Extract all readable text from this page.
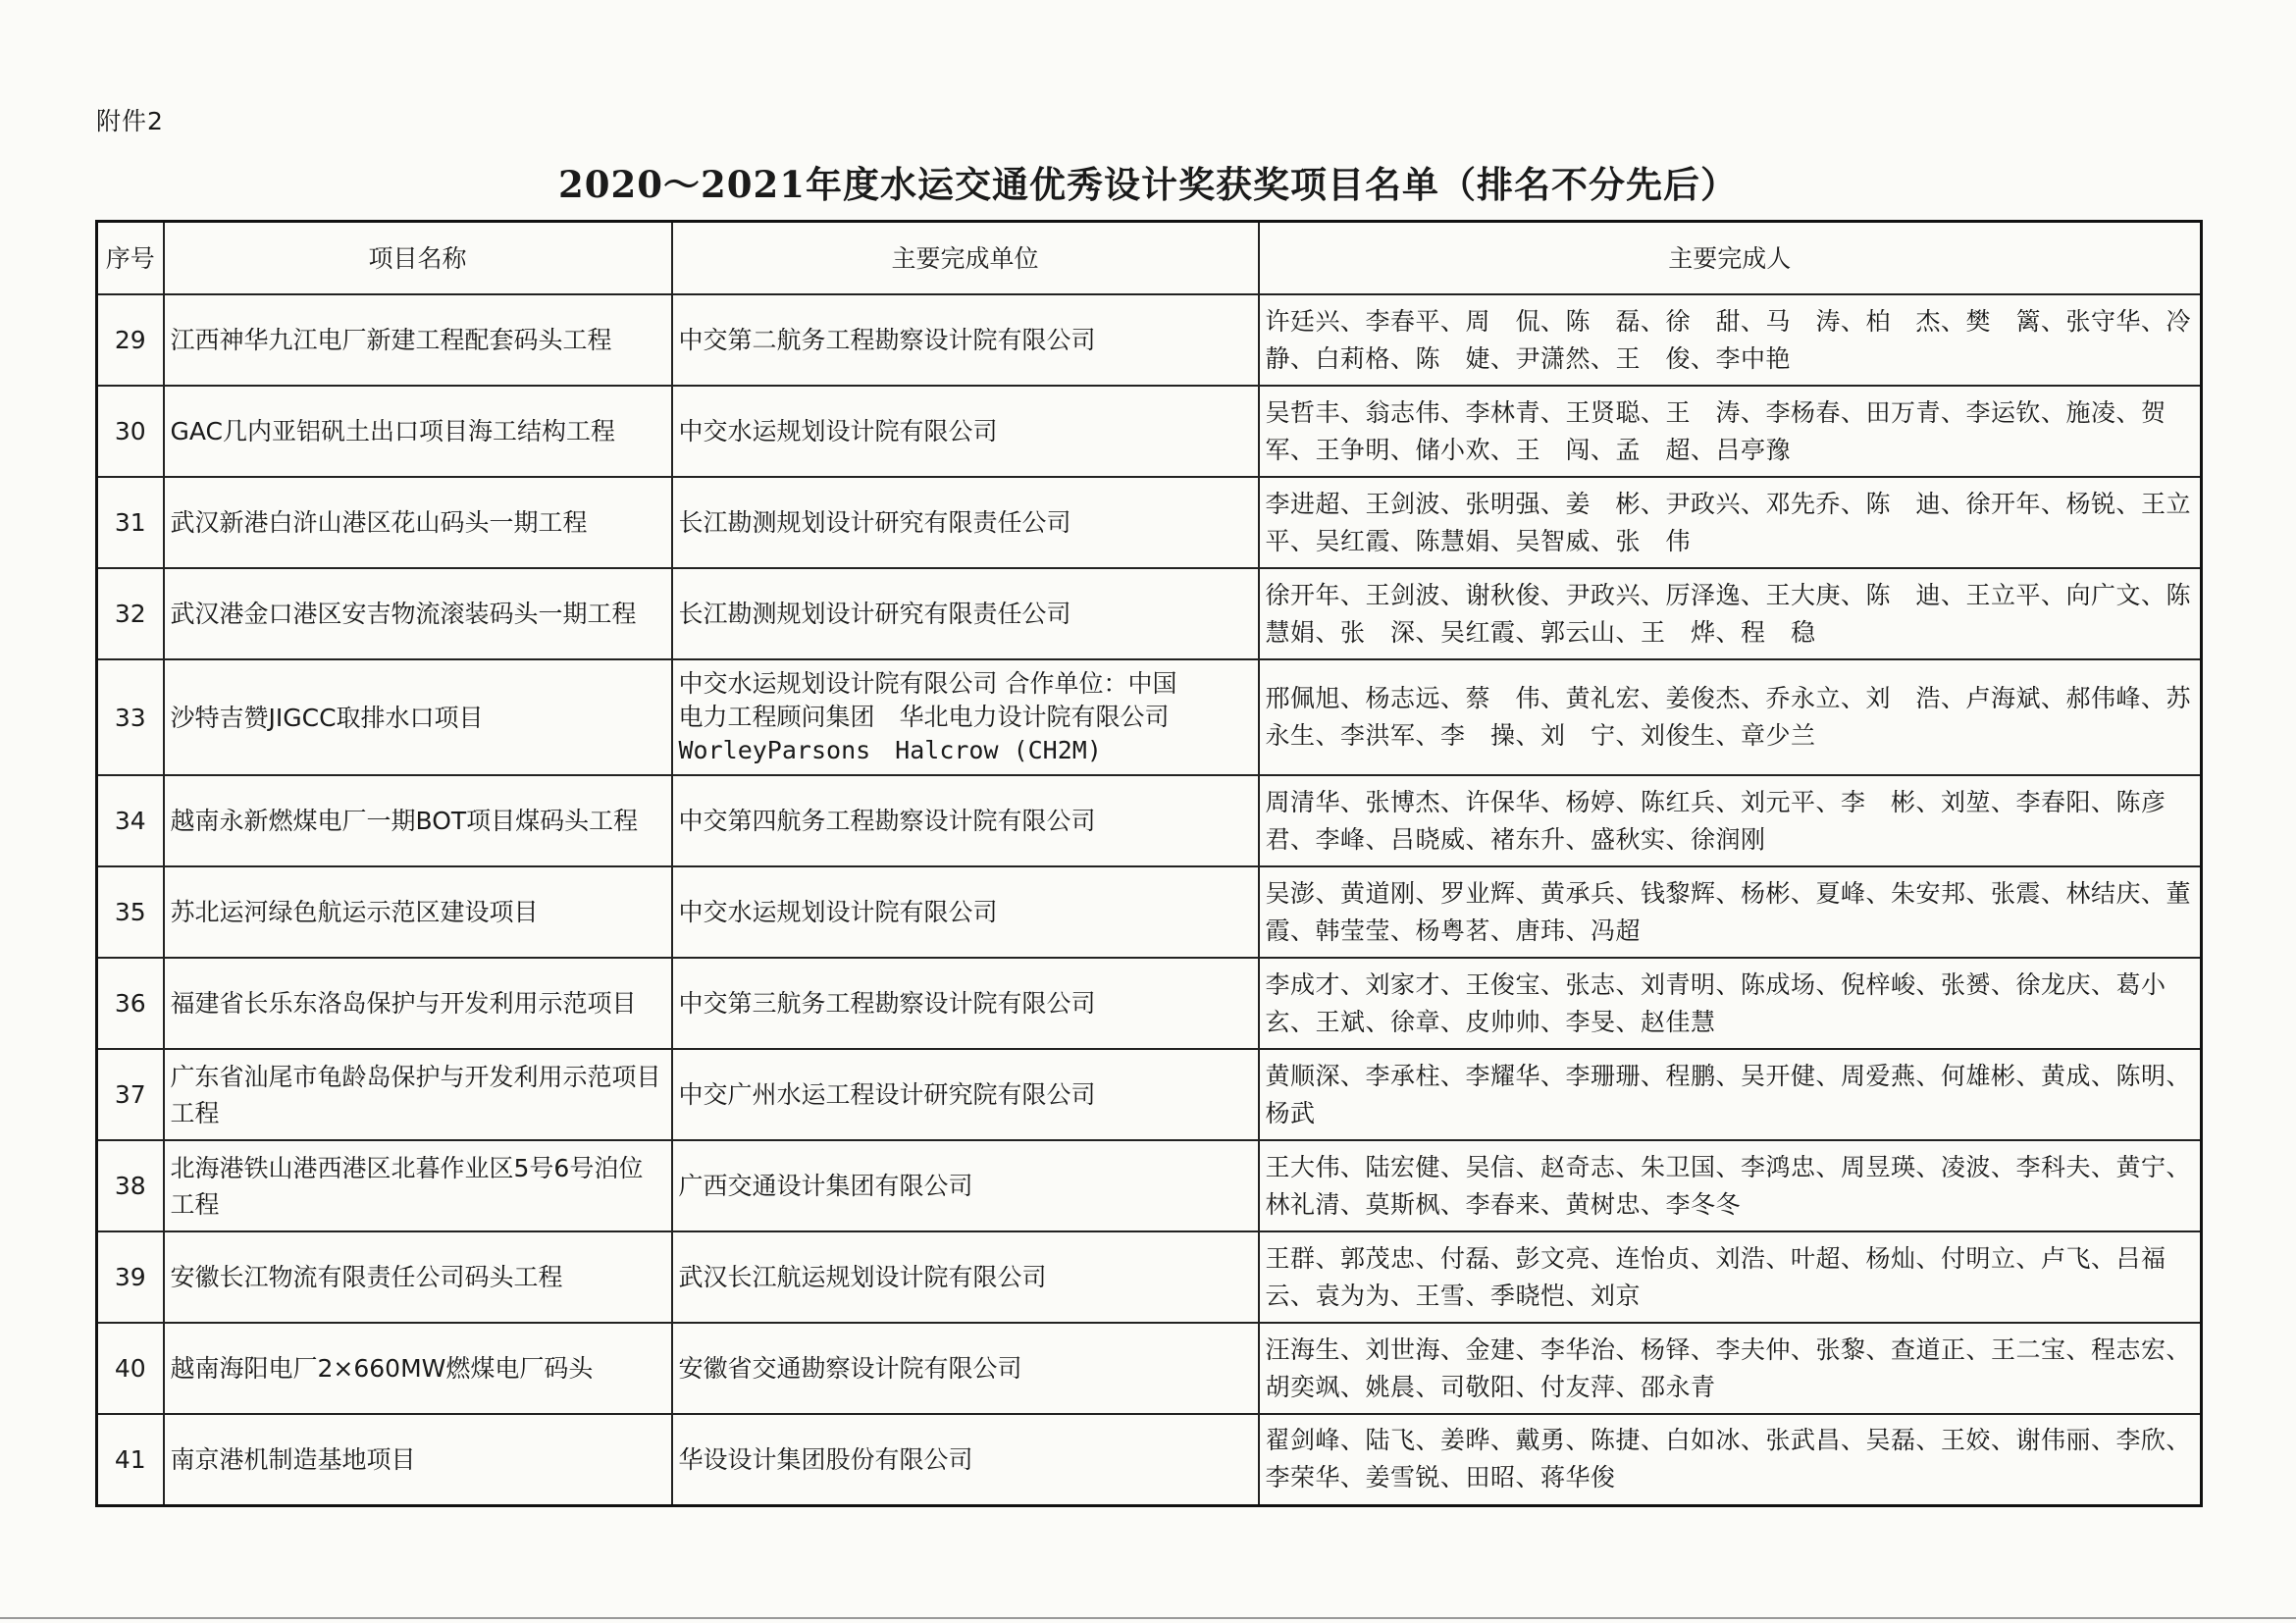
附件2
2020～2021年度水运交通优秀设计奖获奖项目名单（排名不分先后）
序号	项目名称	主要完成单位	主要完成人
29	江西神华九江电厂新建工程配套码头工程	中交第二航务工程勘察设计院有限公司	许廷兴、李春平、周　侃、陈　磊、徐　甜、马　涛、柏　杰、樊　篱、张守华、冷　静、白莉格、陈　婕、尹潇然、王　俊、李中艳
30	GAC几内亚铝矾土出口项目海工结构工程	中交水运规划设计院有限公司	吴哲丰、翁志伟、李林青、王贤聪、王　涛、李杨春、田万青、李运钦、施凌、贺　军、王争明、储小欢、王　闯、孟　超、吕亭豫
31	武汉新港白浒山港区花山码头一期工程	长江勘测规划设计研究有限责任公司	李进超、王剑波、张明强、姜　彬、尹政兴、邓先乔、陈　迪、徐开年、杨锐、王立平、吴红霞、陈慧娟、吴智威、张　伟
32	武汉港金口港区安吉物流滚装码头一期工程	长江勘测规划设计研究有限责任公司	徐开年、王剑波、谢秋俊、尹政兴、厉泽逸、王大庚、陈　迪、王立平、向广文、陈慧娟、张　深、吴红霞、郭云山、王　烨、程　稳
33	沙特吉赞JIGCC取排水口项目	中交水运规划设计院有限公司 合作单位：中国
电力工程顾问集团　华北电力设计院有限公司
WorleyParsons　Halcrow (CH2M)	邢佩旭、杨志远、蔡　伟、黄礼宏、姜俊杰、乔永立、刘　浩、卢海斌、郝伟峰、苏永生、李洪军、李　操、刘　宁、刘俊生、章少兰
34	越南永新燃煤电厂一期BOT项目煤码头工程	中交第四航务工程勘察设计院有限公司	周清华、张博杰、许保华、杨婷、陈红兵、刘元平、李　彬、刘堃、李春阳、陈彦君、李峰、吕晓威、褚东升、盛秋实、徐润刚
35	苏北运河绿色航运示范区建设项目	中交水运规划设计院有限公司	吴澎、黄道刚、罗业辉、黄承兵、钱黎辉、杨彬、夏峰、朱安邦、张震、林结庆、董霞、韩莹莹、杨粤茗、唐玮、冯超
36	福建省长乐东洛岛保护与开发利用示范项目	中交第三航务工程勘察设计院有限公司	李成才、刘家才、王俊宝、张志、刘青明、陈成场、倪梓峻、张赟、徐龙庆、葛小玄、王斌、徐章、皮帅帅、李旻、赵佳慧
37	广东省汕尾市龟龄岛保护与开发利用示范项目工程	中交广州水运工程设计研究院有限公司	黄顺深、李承柱、李耀华、李珊珊、程鹏、吴开健、周爱燕、何雄彬、黄成、陈明、杨武
38	北海港铁山港西港区北暮作业区5号6号泊位工程	广西交通设计集团有限公司	王大伟、陆宏健、吴信、赵奇志、朱卫国、李鸿忠、周昱瑛、凌波、李科夫、黄宁、林礼清、莫斯枫、李春来、黄树忠、李冬冬
39	安徽长江物流有限责任公司码头工程	武汉长江航运规划设计院有限公司	王群、郭茂忠、付磊、彭文亮、连怡贞、刘浩、叶超、杨灿、付明立、卢飞、吕福云、袁为为、王雪、季晓恺、刘京
40	越南海阳电厂2×660MW燃煤电厂码头	安徽省交通勘察设计院有限公司	汪海生、刘世海、金建、李华治、杨铎、李夫仲、张黎、查道正、王二宝、程志宏、胡奕飒、姚晨、司敬阳、付友萍、邵永青
41	南京港机制造基地项目	华设设计集团股份有限公司	翟剑峰、陆飞、姜晔、戴勇、陈捷、白如冰、张武昌、吴磊、王姣、谢伟丽、李欣、李荣华、姜雪锐、田昭、蒋华俊
